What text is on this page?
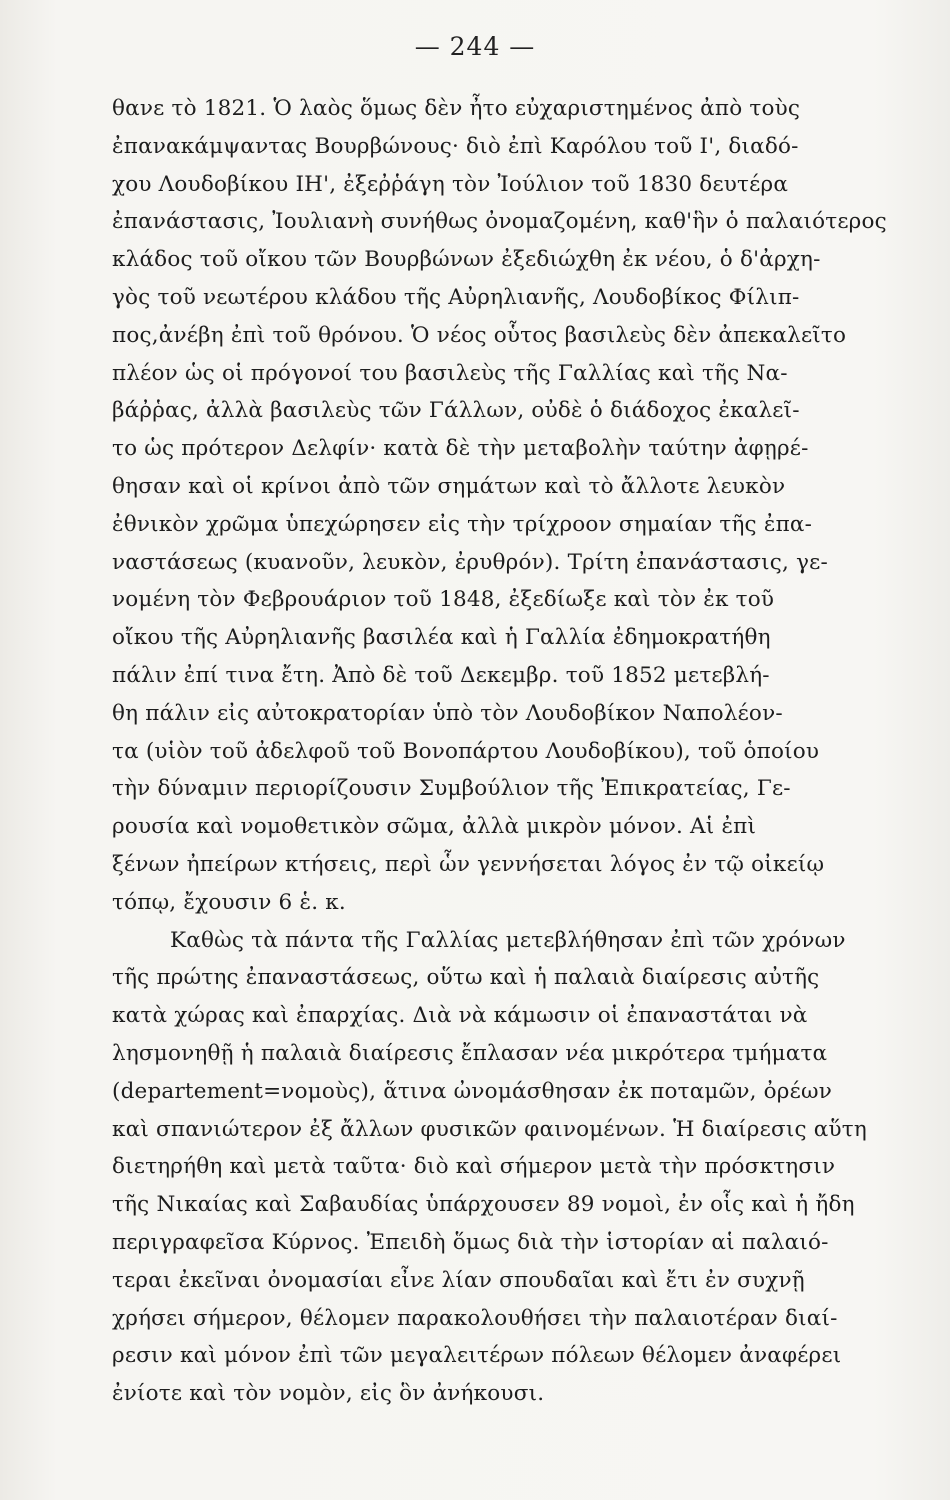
— 244 —
θανε τὸ 1821. Ὁ λαὸς ὅμως δὲν ἦτο εὐχαριστημένος ἀπὸ τοὺς
ἐπανακάμψαντας Βουρβώνους· διὸ ἐπὶ Καρόλου τοῦ Ι', διαδό-
χου Λουδοβίκου ΙΗ', ἐξεῤῥάγη τὸν Ἰούλιον τοῦ 1830 δευτέρα
ἐπανάστασις, Ἰουλιανὴ συνήθως ὀνομαζομένη, καθ'ἣν ὁ παλαιότερος
κλάδος τοῦ οἴκου τῶν Βουρβώνων ἐξεδιώχθη ἐκ νέου, ὁ δ'ἀρχη-
γὸς τοῦ νεωτέρου κλάδου τῆς Αὐρηλιανῆς, Λουδοβίκος Φίλιπ-
πος,ἀνέβη ἐπὶ τοῦ θρόνου. Ὁ νέος οὗτος βασιλεὺς δὲν ἀπεκαλεῖτο
πλέον ὡς οἱ πρόγονοί του βασιλεὺς τῆς Γαλλίας καὶ τῆς Να-
βάῤῥας, ἀλλὰ βασιλεὺς τῶν Γάλλων, οὐδὲ ὁ διάδοχος ἐκαλεῖ-
το ὡς πρότερον Δελφίν· κατὰ δὲ τὴν μεταβολὴν ταύτην ἀφῃρέ-
θησαν καὶ οἱ κρίνοι ἀπὸ τῶν σημάτων καὶ τὸ ἄλλοτε λευκὸν
ἐθνικὸν χρῶμα ὑπεχώρησεν εἰς τὴν τρίχροον σημαίαν τῆς ἐπα-
ναστάσεως (κυανοῦν, λευκὸν, ἐρυθρόν). Τρίτη ἐπανάστασις, γε-
νομένη τὸν Φεβρουάριον τοῦ 1848, ἐξεδίωξε καὶ τὸν ἐκ τοῦ
οἴκου τῆς Αὐρηλιανῆς βασιλέα καὶ ἡ Γαλλία ἐδημοκρατήθη
πάλιν ἐπί τινα ἔτη. Ἀπὸ δὲ τοῦ Δεκεμβρ. τοῦ 1852 μετεβλή-
θη πάλιν εἰς αὐτοκρατορίαν ὑπὸ τὸν Λουδοβίκον Ναπολέον-
τα (υἱὸν τοῦ ἀδελφοῦ τοῦ Βονοπάρτου Λουδοβίκου), τοῦ ὁποίου
τὴν δύναμιν περιορίζουσιν Συμβούλιον τῆς Ἐπικρατείας, Γε-
ρουσία καὶ νομοθετικὸν σῶμα, ἀλλὰ μικρὸν μόνον. Αἱ ἐπὶ
ξένων ἠπείρων κτήσεις, περὶ ὧν γεννήσεται λόγος ἐν τῷ οἰκείῳ
τόπῳ, ἔχουσιν 6 ἑ. κ.
Καθὼς τὰ πάντα τῆς Γαλλίας μετεβλήθησαν ἐπὶ τῶν χρόνων
τῆς πρώτης ἐπαναστάσεως, οὕτω καὶ ἡ παλαιὰ διαίρεσις αὐτῆς
κατὰ χώρας καὶ ἐπαρχίας. Διὰ νὰ κάμωσιν οἱ ἐπαναστάται νὰ
λησμονηθῇ ἡ παλαιὰ διαίρεσις ἔπλασαν νέα μικρότερα τμήματα
(departement=νομοὺς), ἅτινα ὠνομάσθησαν ἐκ ποταμῶν, ὀρέων
καὶ σπανιώτερον ἐξ ἄλλων φυσικῶν φαινομένων. Ἡ διαίρεσις αὕτη
διετηρήθη καὶ μετὰ ταῦτα· διὸ καὶ σήμερον μετὰ τὴν πρόσκτησιν
τῆς Νικαίας καὶ Σαβαυδίας ὑπάρχουσεν 89 νομοὶ, ἐν οἷς καὶ ἡ ἤδη
περιγραφεῖσα Κύρνος. Ἐπειδὴ ὅμως διὰ τὴν ἱστορίαν αἱ παλαιό-
τεραι ἐκεῖναι ὀνομασίαι εἶνε λίαν σπουδαῖαι καὶ ἔτι ἐν συχνῇ
χρήσει σήμερον, θέλομεν παρακολουθήσει τὴν παλαιοτέραν διαί-
ρεσιν καὶ μόνον ἐπὶ τῶν μεγαλειτέρων πόλεων θέλομεν ἀναφέρει
ἐνίοτε καὶ τὸν νομὸν, εἰς ὃν ἀνήκουσι.
